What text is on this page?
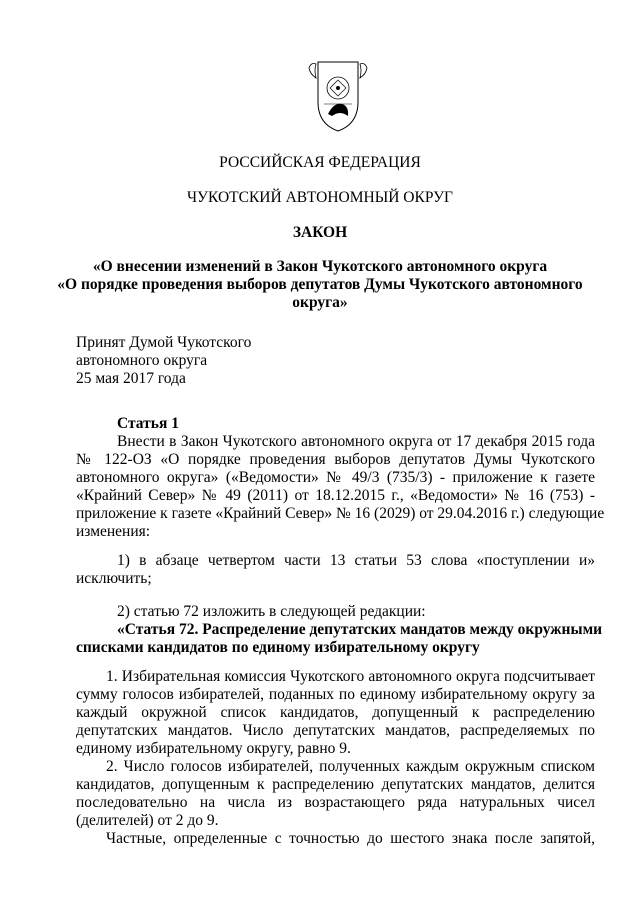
РОССИЙСКАЯ ФЕДЕРАЦИЯ
ЧУКОТСКИЙ АВТОНОМНЫЙ ОКРУГ
ЗАКОН
«О внесении изменений в Закон Чукотского автономного округа
«О порядке проведения выборов депутатов Думы Чукотского автономного
округа»
Принят Думой Чукотского
автономного округа
25 мая 2017 года
Статья 1
Внести в Закон Чукотского автономного округа от 17 декабря 2015 года
№ 122-ОЗ «О порядке проведения выборов депутатов Думы Чукотского
автономного округа» («Ведомости» № 49/3 (735/3) - приложение к газете
«Крайний Север» № 49 (2011) от 18.12.2015 г., «Ведомости» № 16 (753) -
приложение к газете «Крайний Север» № 16 (2029) от 29.04.2016 г.) следующие
изменения:
1) в абзаце четвертом части 13 статьи 53 слова «поступлении и»
исключить;
2) статью 72 изложить в следующей редакции:
«Статья 72. Распределение депутатских мандатов между окружными
списками кандидатов по единому избирательному округу
1. Избирательная комиссия Чукотского автономного округа подсчитывает
сумму голосов избирателей, поданных по единому избирательному округу за
каждый окружной список кандидатов, допущенный к распределению
депутатских мандатов. Число депутатских мандатов, распределяемых по
единому избирательному округу, равно 9.
2. Число голосов избирателей, полученных каждым окружным списком
кандидатов, допущенным к распределению депутатских мандатов, делится
последовательно на числа из возрастающего ряда натуральных чисел
(делителей) от 2 до 9.
Частные, определенные с точностью до шестого знака после запятой,
